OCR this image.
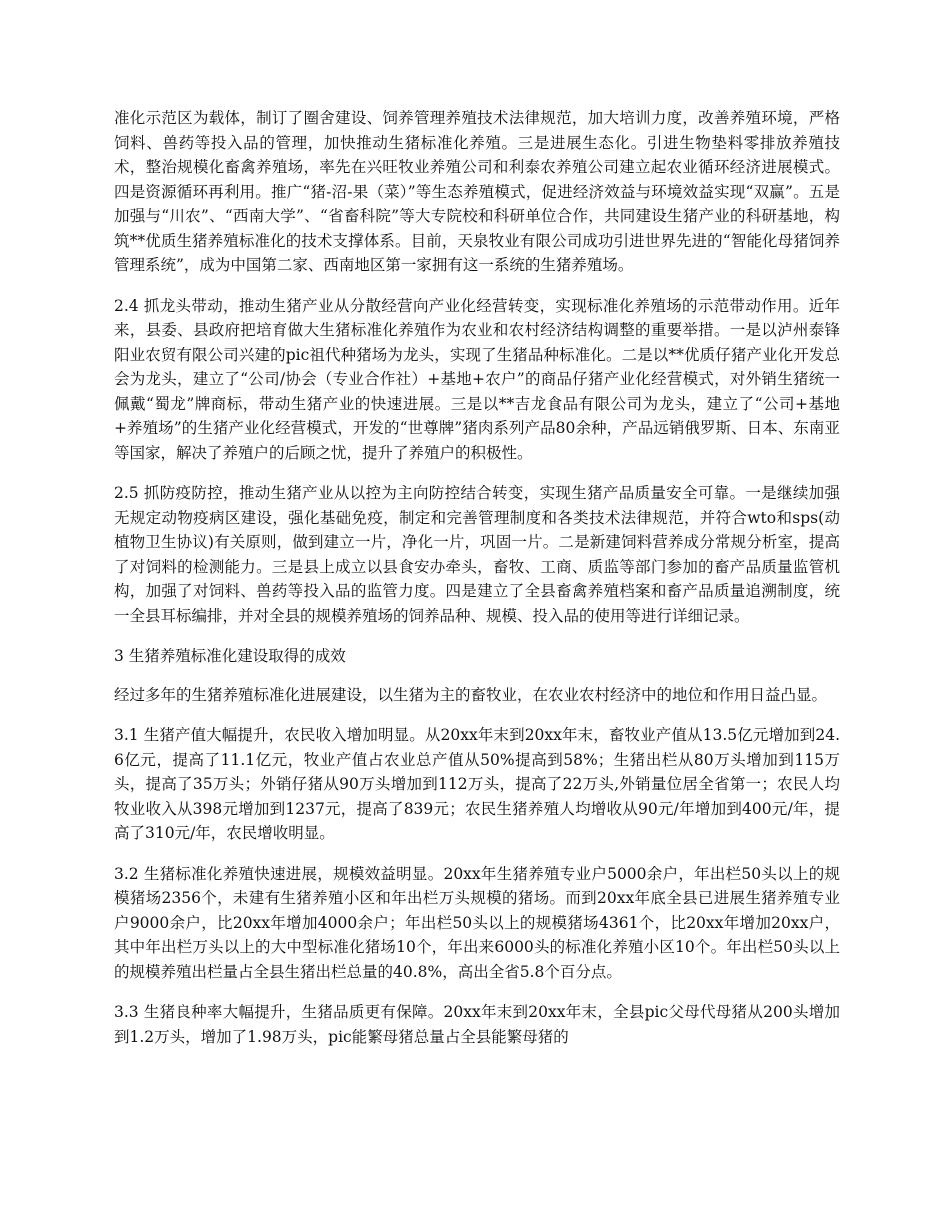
准化示范区为载体，制订了圈舍建设、饲养管理养殖技术法律规范，加大培训力度，改善养殖环境，严格饲料、兽药等投入品的管理，加快推动生猪标准化养殖。三是进展生态化。引进生物垫料零排放养殖技术，整治规模化畜禽养殖场，率先在兴旺牧业养殖公司和利泰农养殖公司建立起农业循环经济进展模式。四是资源循环再利用。推广“猪-沼-果（菜）”等生态养殖模式，促进经济效益与环境效益实现“双赢”。五是加强与“川农”、“西南大学”、“省畜科院”等大专院校和科研单位合作，共同建设生猪产业的科研基地，构筑**优质生猪养殖标准化的技术支撑体系。目前，天泉牧业有限公司成功引进世界先进的“智能化母猪饲养管理系统”，成为中国第二家、西南地区第一家拥有这一系统的生猪养殖场。

2.4 抓龙头带动，推动生猪产业从分散经营向产业化经营转变，实现标准化养殖场的示范带动作用。近年来，县委、县政府把培育做大生猪标准化养殖作为农业和农村经济结构调整的重要举措。一是以泸州泰锋阳业农贸有限公司兴建的pic祖代种猪场为龙头，实现了生猪品种标准化。二是以**优质仔猪产业化开发总会为龙头，建立了“公司/协会（专业合作社）+基地+农户”的商品仔猪产业化经营模式，对外销生猪统一佩戴“蜀龙”牌商标，带动生猪产业的快速进展。三是以**吉龙食品有限公司为龙头，建立了“公司+基地+养殖场”的生猪产业化经营模式，开发的“世尊牌”猪肉系列产品80余种，产品远销俄罗斯、日本、东南亚等国家，解决了养殖户的后顾之忧，提升了养殖户的积极性。

2.5 抓防疫防控，推动生猪产业从以控为主向防控结合转变，实现生猪产品质量安全可靠。一是继续加强无规定动物疫病区建设，强化基础免疫，制定和完善管理制度和各类技术法律规范，并符合wto和sps(动植物卫生协议)有关原则，做到建立一片，净化一片，巩固一片。二是新建饲料营养成分常规分析室，提高了对饲料的检测能力。三是县上成立以县食安办牵头，畜牧、工商、质监等部门参加的畜产品质量监管机构，加强了对饲料、兽药等投入品的监管力度。四是建立了全县畜禽养殖档案和畜产品质量追溯制度，统一全县耳标编排，并对全县的规模养殖场的饲养品种、规模、投入品的使用等进行详细记录。

3 生猪养殖标准化建设取得的成效

经过多年的生猪养殖标准化进展建设，以生猪为主的畜牧业，在农业农村经济中的地位和作用日益凸显。

3.1 生猪产值大幅提升，农民收入增加明显。从20xx年末到20xx年末，畜牧业产值从13.5亿元增加到24.6亿元，提高了11.1亿元，牧业产值占农业总产值从50%提高到58%；生猪出栏从80万头增加到115万头，提高了35万头；外销仔猪从90万头增加到112万头，提高了22万头,外销量位居全省第一；农民人均牧业收入从398元增加到1237元，提高了839元；农民生猪养殖人均增收从90元/年增加到400元/年，提高了310元/年，农民增收明显。

3.2 生猪标准化养殖快速进展，规模效益明显。20xx年生猪养殖专业户5000余户，年出栏50头以上的规模猪场2356个，未建有生猪养殖小区和年出栏万头规模的猪场。而到20xx年底全县已进展生猪养殖专业户9000余户，比20xx年增加4000余户；年出栏50头以上的规模猪场4361个，比20xx年增加20xx户，其中年出栏万头以上的大中型标准化猪场10个，年出来6000头的标准化养殖小区10个。年出栏50头以上的规模养殖出栏量占全县生猪出栏总量的40.8%，高出全省5.8个百分点。

3.3 生猪良种率大幅提升，生猪品质更有保障。20xx年末到20xx年末，全县pic父母代母猪从200头增加到1.2万头，增加了1.98万头，pic能繁母猪总量占全县能繁母猪的
